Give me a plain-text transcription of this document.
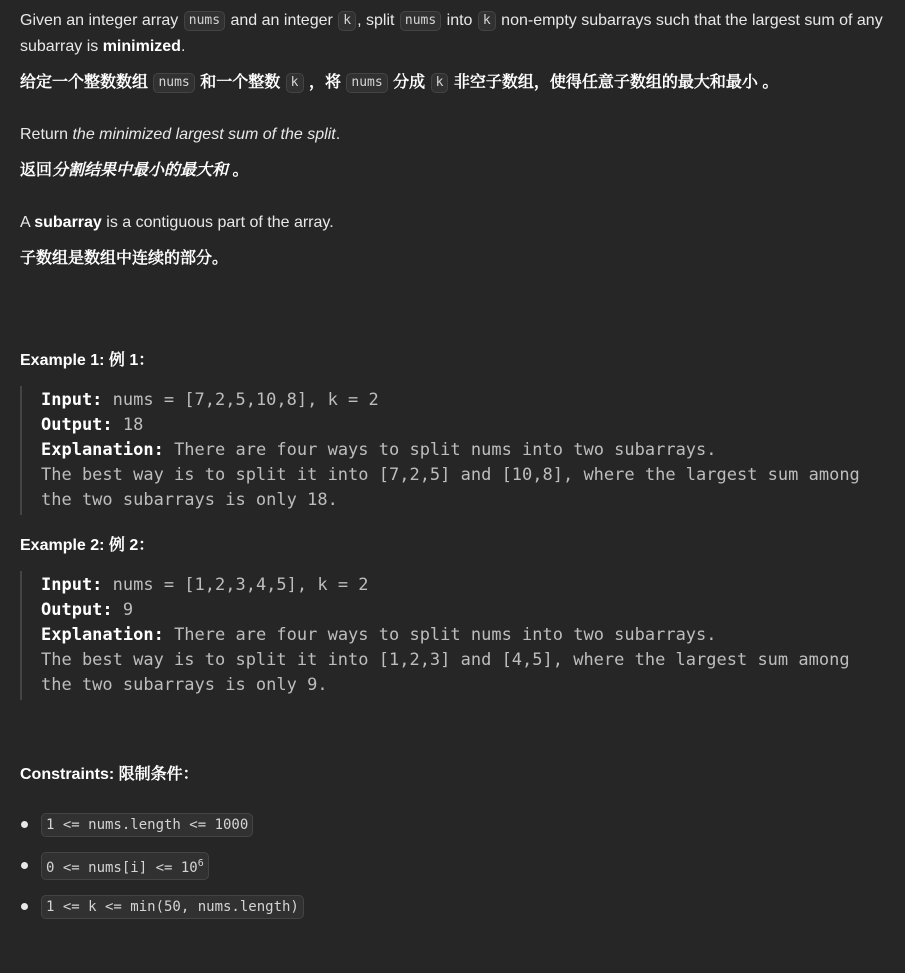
Given an integer array nums and an integer k , split nums into k non-empty subarrays such that the largest sum of any subarray is minimized.

给定一个整数数组 nums 和一个整数 k ，将 nums 分成 k 非空子数组，使得任意子数组的最大和最小 。

Return the minimized largest sum of the split.

返回分割结果中最小的最大和 。

A subarray is a contiguous part of the array.

子数组是数组中连续的部分。

Example 1: 例 1：

Input: nums = [7,2,5,10,8], k = 2
Output: 18
Explanation: There are four ways to split nums into two subarrays.
The best way is to split it into [7,2,5] and [10,8], where the largest sum among the two subarrays is only 18.

Example 2: 例 2：

Input: nums = [1,2,3,4,5], k = 2
Output: 9
Explanation: There are four ways to split nums into two subarrays.
The best way is to split it into [1,2,3] and [4,5], where the largest sum among the two subarrays is only 9.

Constraints: 限制条件：

1 <= nums.length <= 1000
0 <= nums[i] <= $10^6$
1 <= k <= min(50, nums.length)
